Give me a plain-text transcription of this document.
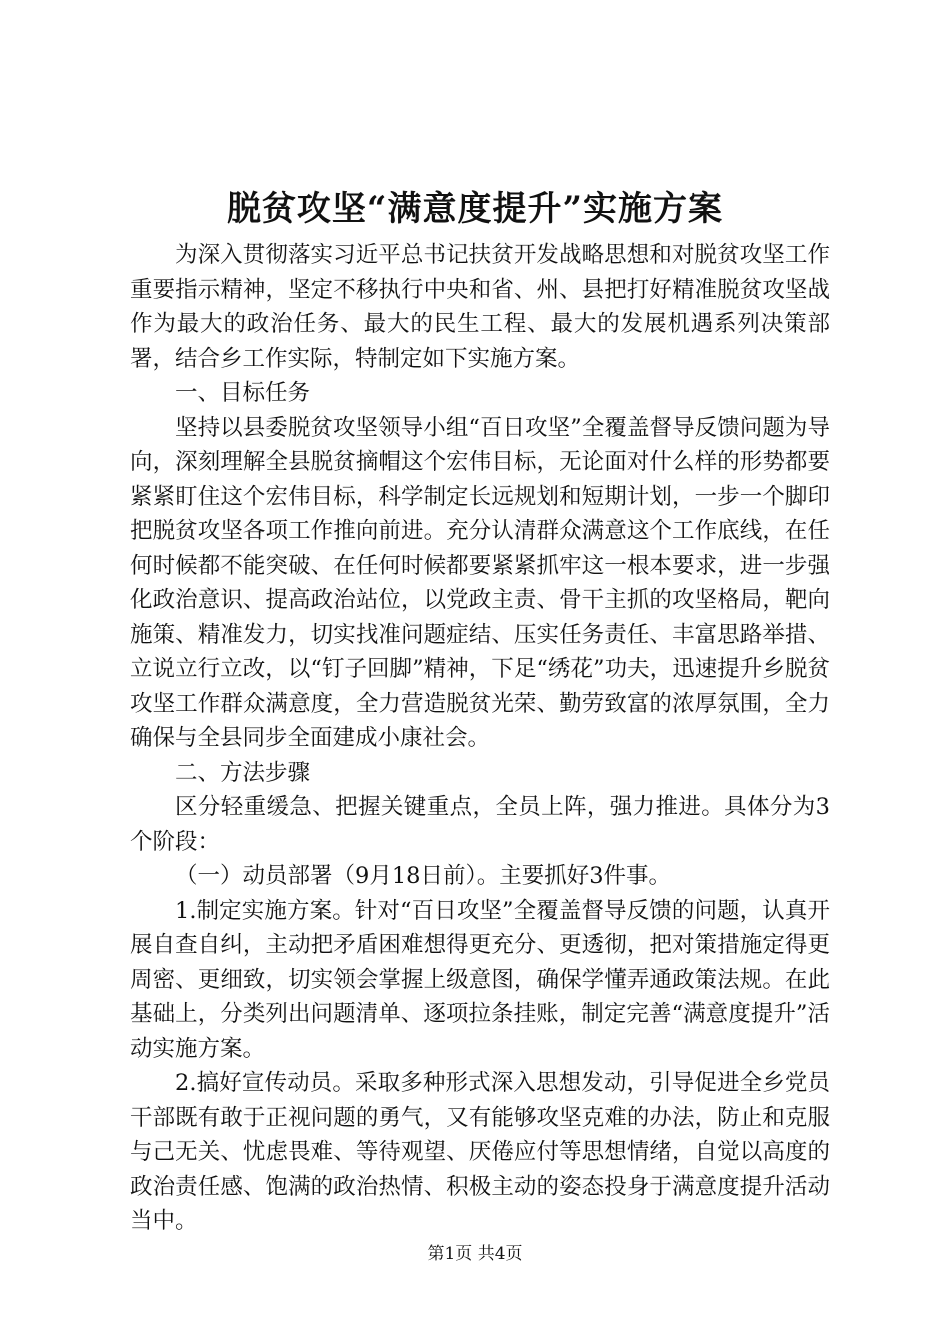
脱贫攻坚“满意度提升”实施方案

为深入贯彻落实习近平总书记扶贫开发战略思想和对脱贫攻坚工作重要指示精神，坚定不移执行中央和省、州、县把打好精准脱贫攻坚战作为最大的政治任务、最大的民生工程、最大的发展机遇系列决策部署，结合乡工作实际，特制定如下实施方案。

一、目标任务

坚持以县委脱贫攻坚领导小组“百日攻坚”全覆盖督导反馈问题为导向，深刻理解全县脱贫摘帽这个宏伟目标，无论面对什么样的形势都要紧紧盯住这个宏伟目标，科学制定长远规划和短期计划，一步一个脚印把脱贫攻坚各项工作推向前进。充分认清群众满意这个工作底线，在任何时候都不能突破、在任何时候都要紧紧抓牢这一根本要求，进一步强化政治意识、提高政治站位，以党政主责、骨干主抓的攻坚格局，靶向施策、精准发力，切实找准问题症结、压实任务责任、丰富思路举措、立说立行立改，以“钉子回脚”精神，下足“绣花”功夫，迅速提升乡脱贫攻坚工作群众满意度，全力营造脱贫光荣、勤劳致富的浓厚氛围，全力确保与全县同步全面建成小康社会。

二、方法步骤

区分轻重缓急、把握关键重点，全员上阵，强力推进。具体分为3个阶段：

（一）动员部署（9月18日前）。主要抓好3件事。

1.制定实施方案。针对“百日攻坚”全覆盖督导反馈的问题，认真开展自查自纠，主动把矛盾困难想得更充分、更透彻，把对策措施定得更周密、更细致，切实领会掌握上级意图，确保学懂弄通政策法规。在此基础上，分类列出问题清单、逐项拉条挂账，制定完善“满意度提升”活动实施方案。

2.搞好宣传动员。采取多种形式深入思想发动，引导促进全乡党员干部既有敢于正视问题的勇气，又有能够攻坚克难的办法，防止和克服与己无关、忧虑畏难、等待观望、厌倦应付等思想情绪，自觉以高度的政治责任感、饱满的政治热情、积极主动的姿态投身于满意度提升活动当中。

第1页 共4页
